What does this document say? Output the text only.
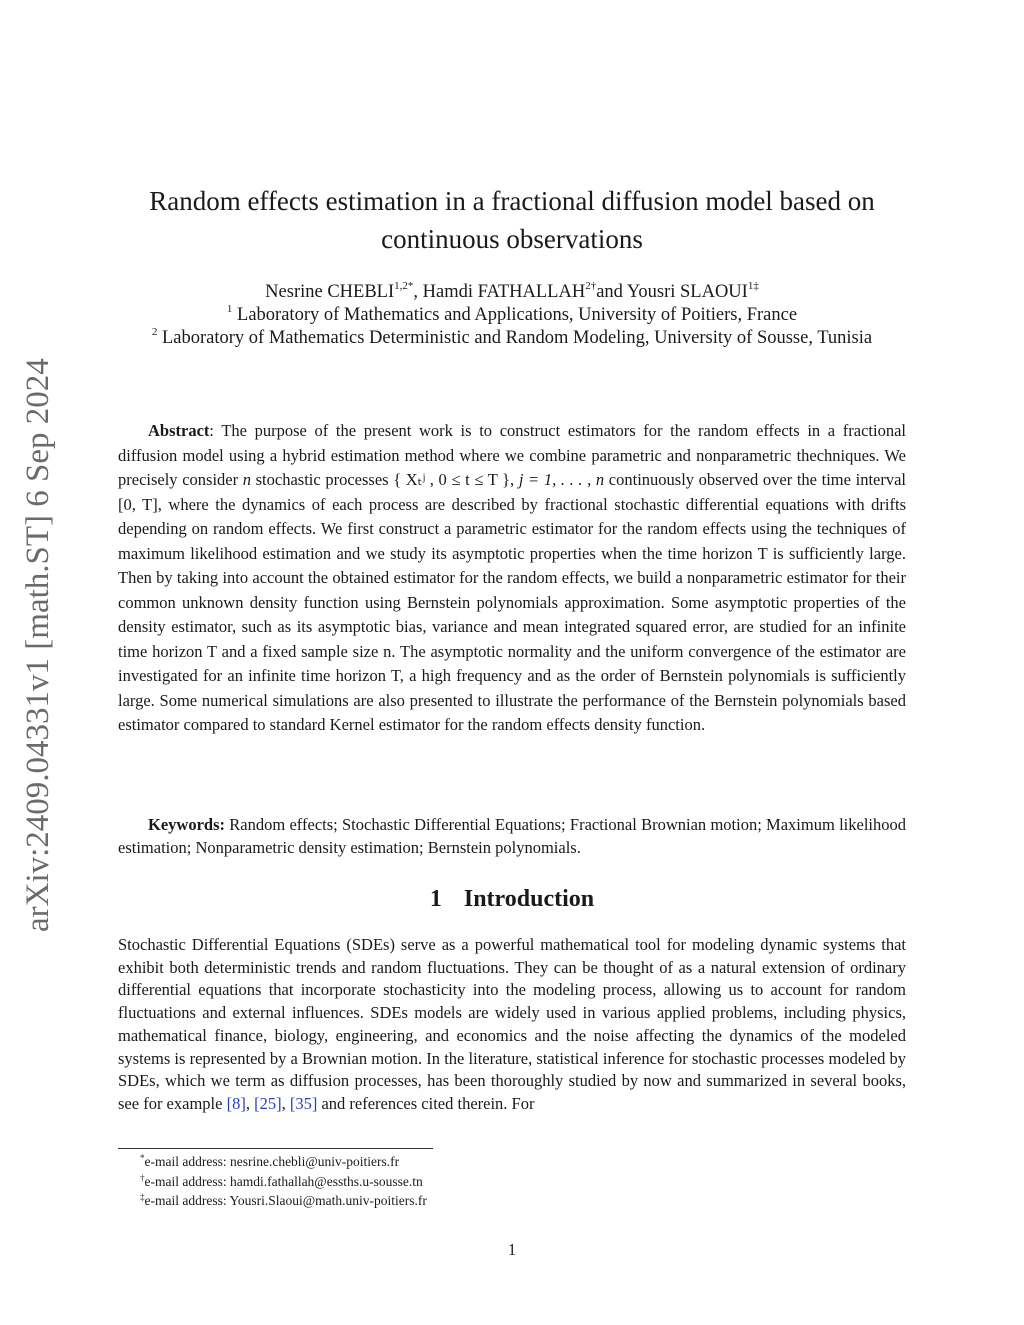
arXiv:2409.04331v1 [math.ST] 6 Sep 2024
Random effects estimation in a fractional diffusion model based on continuous observations
Nesrine $CHEBLI^{1,2*}$, Hamdi $FATHALLAH^{2\dagger}and$ Yousri $SLAOUI^{1\ddagger}$
$^1$ Laboratory of Mathematics and Applications, University of Poitiers, France
$^2$ Laboratory of Mathematics Deterministic and Random Modeling, University of Sousse, Tunisia
Abstract: The purpose of the present work is to construct estimators for the random effects in a fractional diffusion model using a hybrid estimation method where we combine parametric and nonparametric thechniques. We precisely consider n stochastic processes { Xₜʲ , 0 ≤ t ≤ T }, j = 1, . . . , n continuously observed over the time interval [0, T], where the dynamics of each process are described by fractional stochastic differential equations with drifts depending on random effects. We first construct a parametric estimator for the random effects using the techniques of maximum likelihood estimation and we study its asymptotic properties when the time horizon T is sufficiently large. Then by taking into account the obtained estimator for the random effects, we build a nonparametric estimator for their common unknown density function using Bernstein polynomials approximation. Some asymptotic properties of the density estimator, such as its asymptotic bias, variance and mean integrated squared error, are studied for an infinite time horizon T and a fixed sample size n. The asymptotic normality and the uniform convergence of the estimator are investigated for an infinite time horizon T, a high frequency and as the order of Bernstein polynomials is sufficiently large. Some numerical simulations are also presented to illustrate the performance of the Bernstein polynomials based estimator compared to standard Kernel estimator for the random effects density function.
Keywords: Random effects; Stochastic Differential Equations; Fractional Brownian motion; Maximum likelihood estimation; Nonparametric density estimation; Bernstein polynomials.
1 Introduction
Stochastic Differential Equations (SDEs) serve as a powerful mathematical tool for modeling dynamic systems that exhibit both deterministic trends and random fluctuations. They can be thought of as a natural extension of ordinary differential equations that incorporate stochasticity into the modeling process, allowing us to account for random fluctuations and external influences. SDEs models are widely used in various applied problems, including physics, mathematical finance, biology, engineering, and economics and the noise affecting the dynamics of the modeled systems is represented by a Brownian motion. In the literature, statistical inference for stochastic processes modeled by SDEs, which we term as diffusion processes, has been thoroughly studied by now and summarized in several books, see for example [8], [25], [35] and references cited therein. For
*e-mail address: nesrine.chebli@univ-poitiers.fr
†e-mail address: hamdi.fathallah@essths.u-sousse.tn
‡e-mail address: Yousri.Slaoui@math.univ-poitiers.fr
1
